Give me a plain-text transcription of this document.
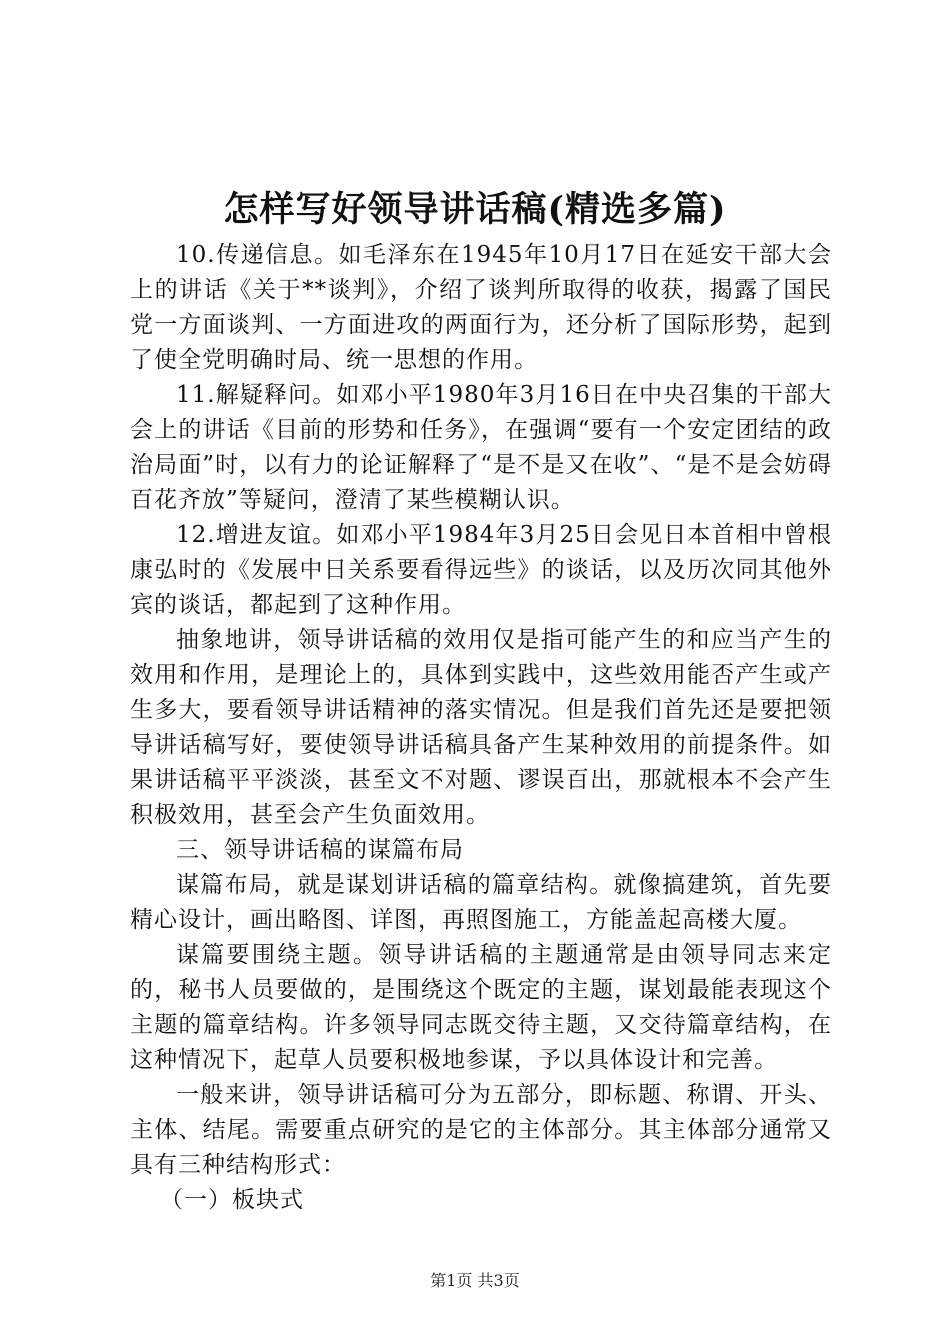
怎样写好领导讲话稿(精选多篇)

10.传递信息。如毛泽东在1945年10月17日在延安干部大会上的讲话《关于**谈判》，介绍了谈判所取得的收获，揭露了国民党一方面谈判、一方面进攻的两面行为，还分析了国际形势，起到了使全党明确时局、统一思想的作用。

11.解疑释问。如邓小平1980年3月16日在中央召集的干部大会上的讲话《目前的形势和任务》，在强调“要有一个安定团结的政治局面”时，以有力的论证解释了“是不是又在收”、“是不是会妨碍百花齐放”等疑问，澄清了某些模糊认识。

12.增进友谊。如邓小平1984年3月25日会见日本首相中曾根康弘时的《发展中日关系要看得远些》的谈话，以及历次同其他外宾的谈话，都起到了这种作用。

抽象地讲，领导讲话稿的效用仅是指可能产生的和应当产生的效用和作用，是理论上的，具体到实践中，这些效用能否产生或产生多大，要看领导讲话精神的落实情况。但是我们首先还是要把领导讲话稿写好，要使领导讲话稿具备产生某种效用的前提条件。如果讲话稿平平淡淡，甚至文不对题、谬误百出，那就根本不会产生积极效用，甚至会产生负面效用。

三、领导讲话稿的谋篇布局

谋篇布局，就是谋划讲话稿的篇章结构。就像搞建筑，首先要精心设计，画出略图、详图，再照图施工，方能盖起高楼大厦。

谋篇要围绕主题。领导讲话稿的主题通常是由领导同志来定的，秘书人员要做的，是围绕这个既定的主题，谋划最能表现这个主题的篇章结构。许多领导同志既交待主题，又交待篇章结构，在这种情况下，起草人员要积极地参谋，予以具体设计和完善。

一般来讲，领导讲话稿可分为五部分，即标题、称谓、开头、主体、结尾。需要重点研究的是它的主体部分。其主体部分通常又具有三种结构形式：

（一）板块式

第1页 共3页
